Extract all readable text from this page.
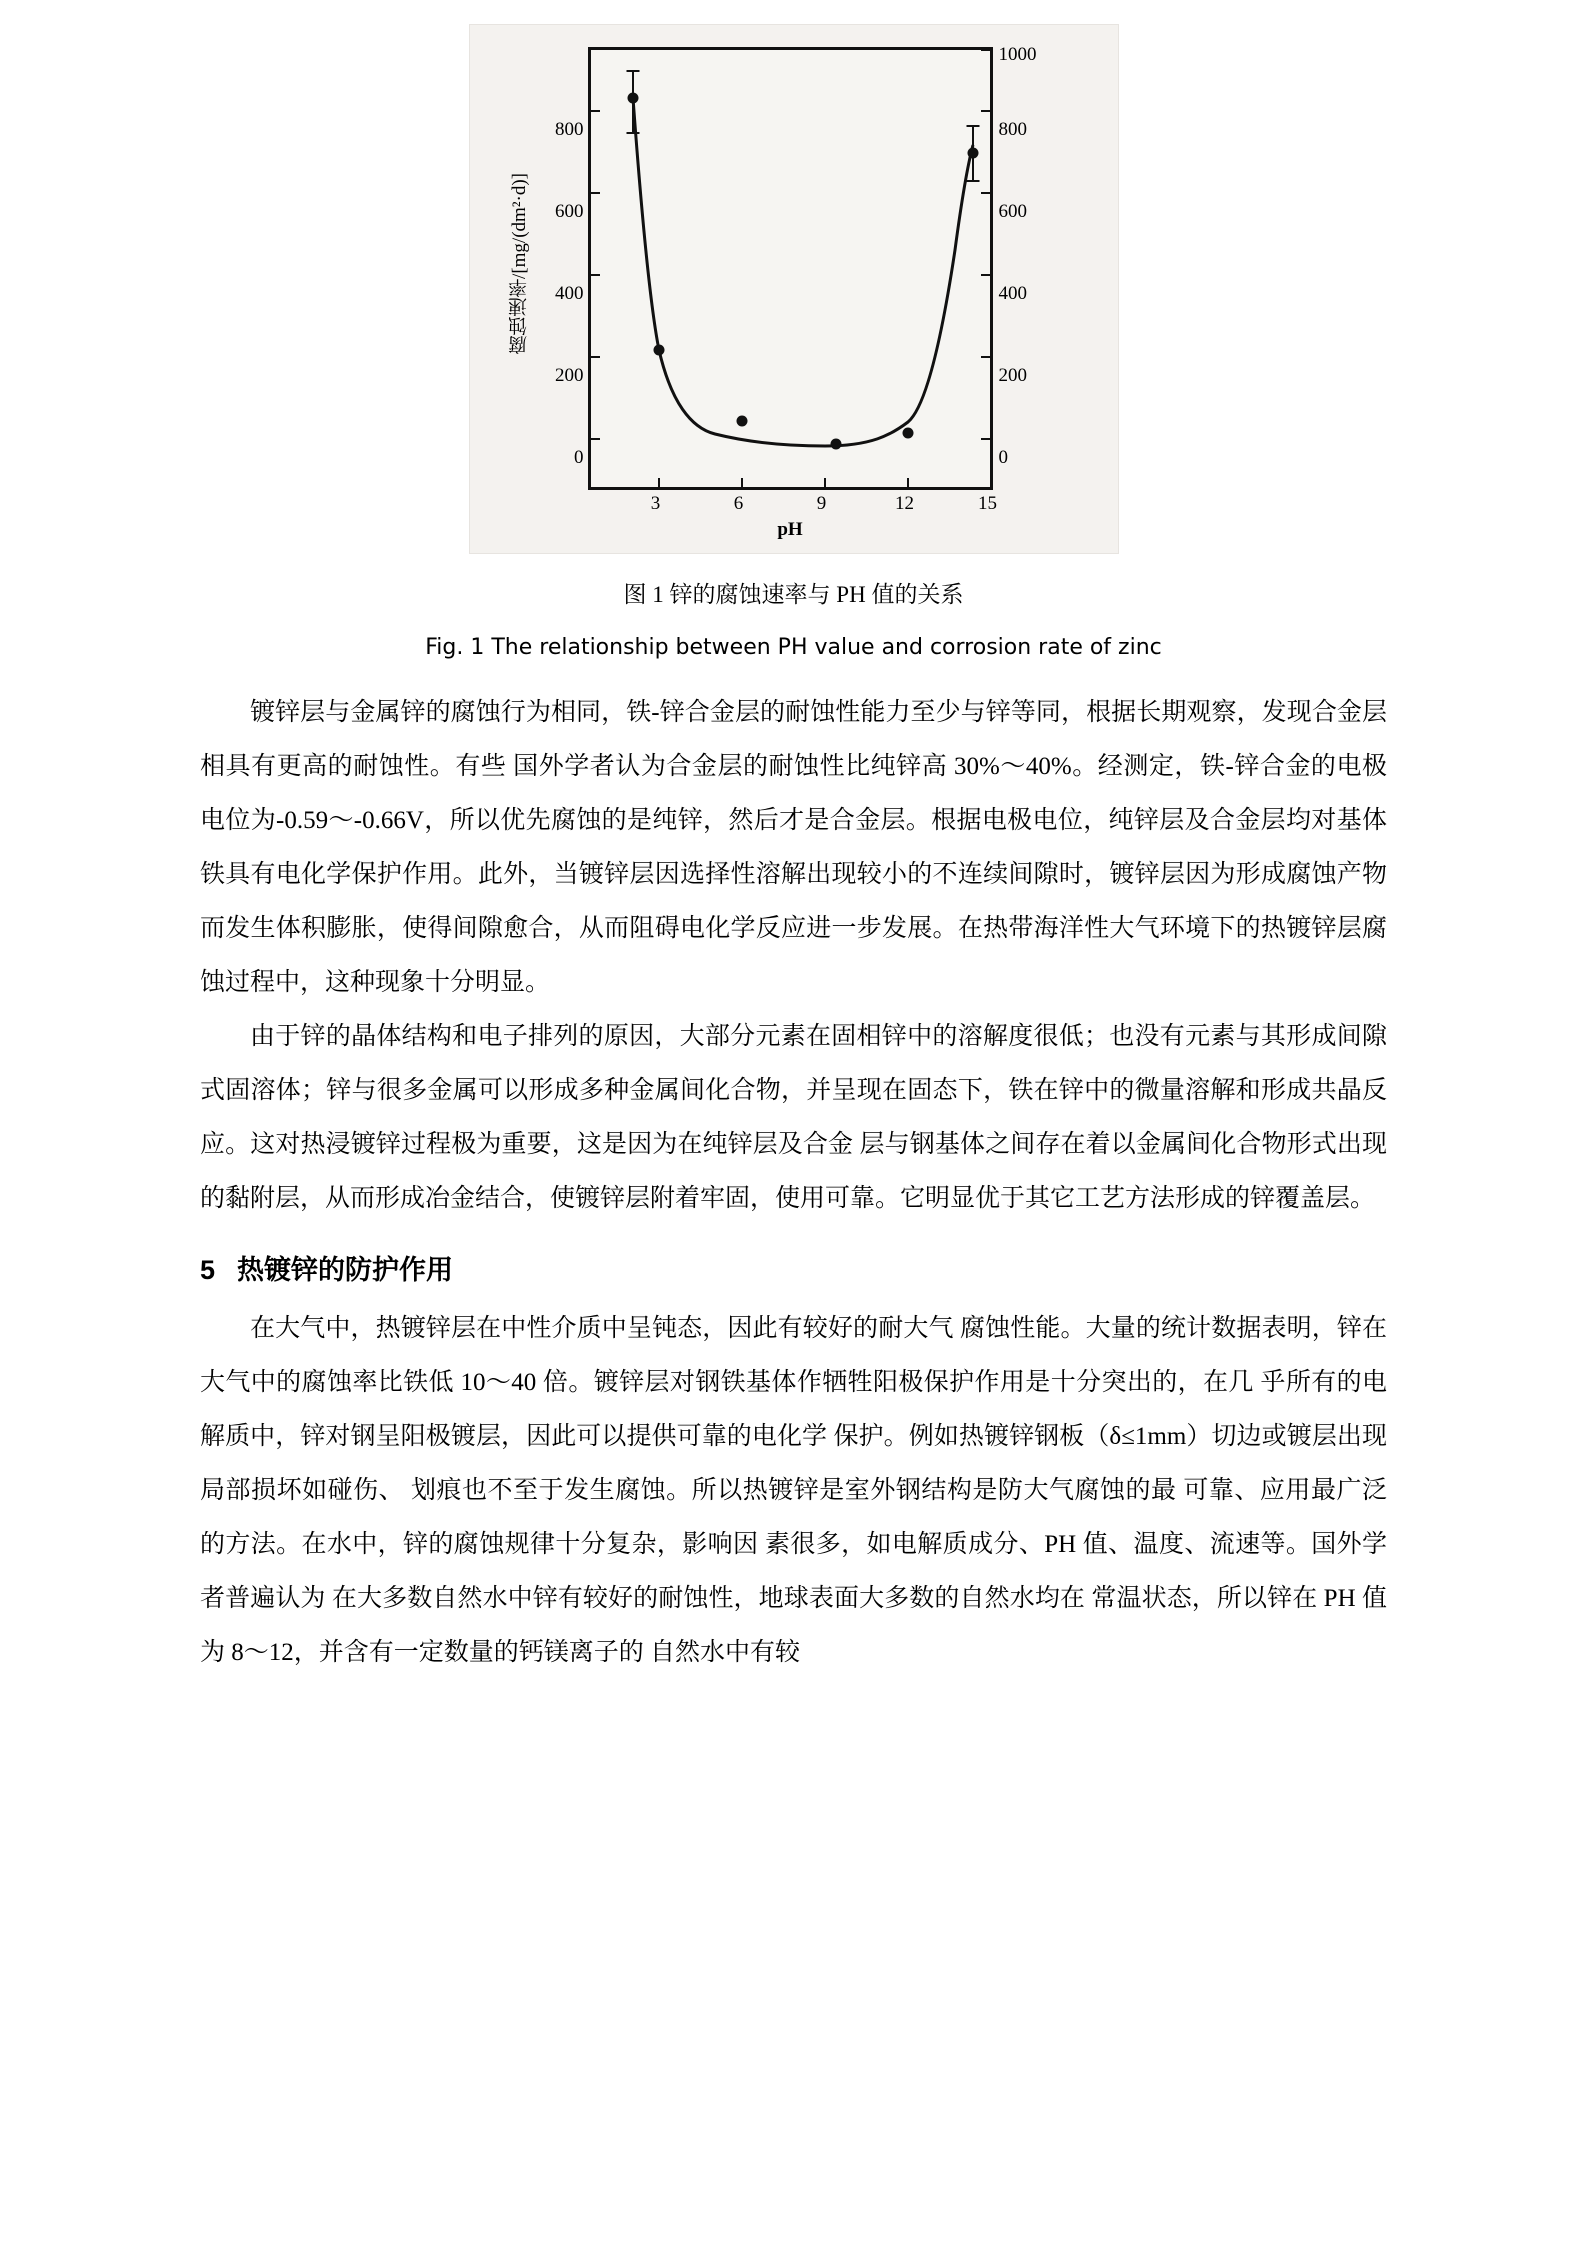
腐蚀速率/[mg/(dm²·d)]
0
200
400
600
800
0
200
400
600
800
1000
3	6	9	12	15
pH
图 1 锌的腐蚀速率与 PH 值的关系
Fig. 1 The relationship between PH value and corrosion rate of zinc

镀锌层与金属锌的腐蚀行为相同，铁-锌合金层的耐蚀性能力至少与锌等同，根据长期观察，发现合金层相具有更高的耐蚀性。有些 国外学者认为合金层的耐蚀性比纯锌高 30%～40%。经测定，铁-锌合金的电极电位为-0.59～-0.66V，所以优先腐蚀的是纯锌，然后才是合金层。根据电极电位，纯锌层及合金层均对基体铁具有电化学保护作用。此外，当镀锌层因选择性溶解出现较小的不连续间隙时，镀锌层因为形成腐蚀产物而发生体积膨胀，使得间隙愈合，从而阻碍电化学反应进一步发展。在热带海洋性大气环境下的热镀锌层腐蚀过程中，这种现象十分明显。

由于锌的晶体结构和电子排列的原因，大部分元素在固相锌中的溶解度很低；也没有元素与其形成间隙式固溶体；锌与很多金属可以形成多种金属间化合物，并呈现在固态下，铁在锌中的微量溶解和形成共晶反应。这对热浸镀锌过程极为重要，这是因为在纯锌层及合金 层与钢基体之间存在着以金属间化合物形式出现的黏附层，从而形成冶金结合，使镀锌层附着牢固，使用可靠。它明显优于其它工艺方法形成的锌覆盖层。

5 热镀锌的防护作用

在大气中，热镀锌层在中性介质中呈钝态，因此有较好的耐大气 腐蚀性能。大量的统计数据表明，锌在大气中的腐蚀率比铁低 10～40 倍。镀锌层对钢铁基体作牺牲阳极保护作用是十分突出的，在几 乎所有的电解质中，锌对钢呈阳极镀层，因此可以提供可靠的电化学 保护。例如热镀锌钢板（δ≤1mm）切边或镀层出现局部损坏如碰伤、 划痕也不至于发生腐蚀。所以热镀锌是室外钢结构是防大气腐蚀的最 可靠、应用最广泛的方法。在水中，锌的腐蚀规律十分复杂，影响因 素很多，如电解质成分、PH 值、温度、流速等。国外学者普遍认为 在大多数自然水中锌有较好的耐蚀性，地球表面大多数的自然水均在 常温状态，所以锌在 PH 值为 8～12，并含有一定数量的钙镁离子的 自然水中有较
